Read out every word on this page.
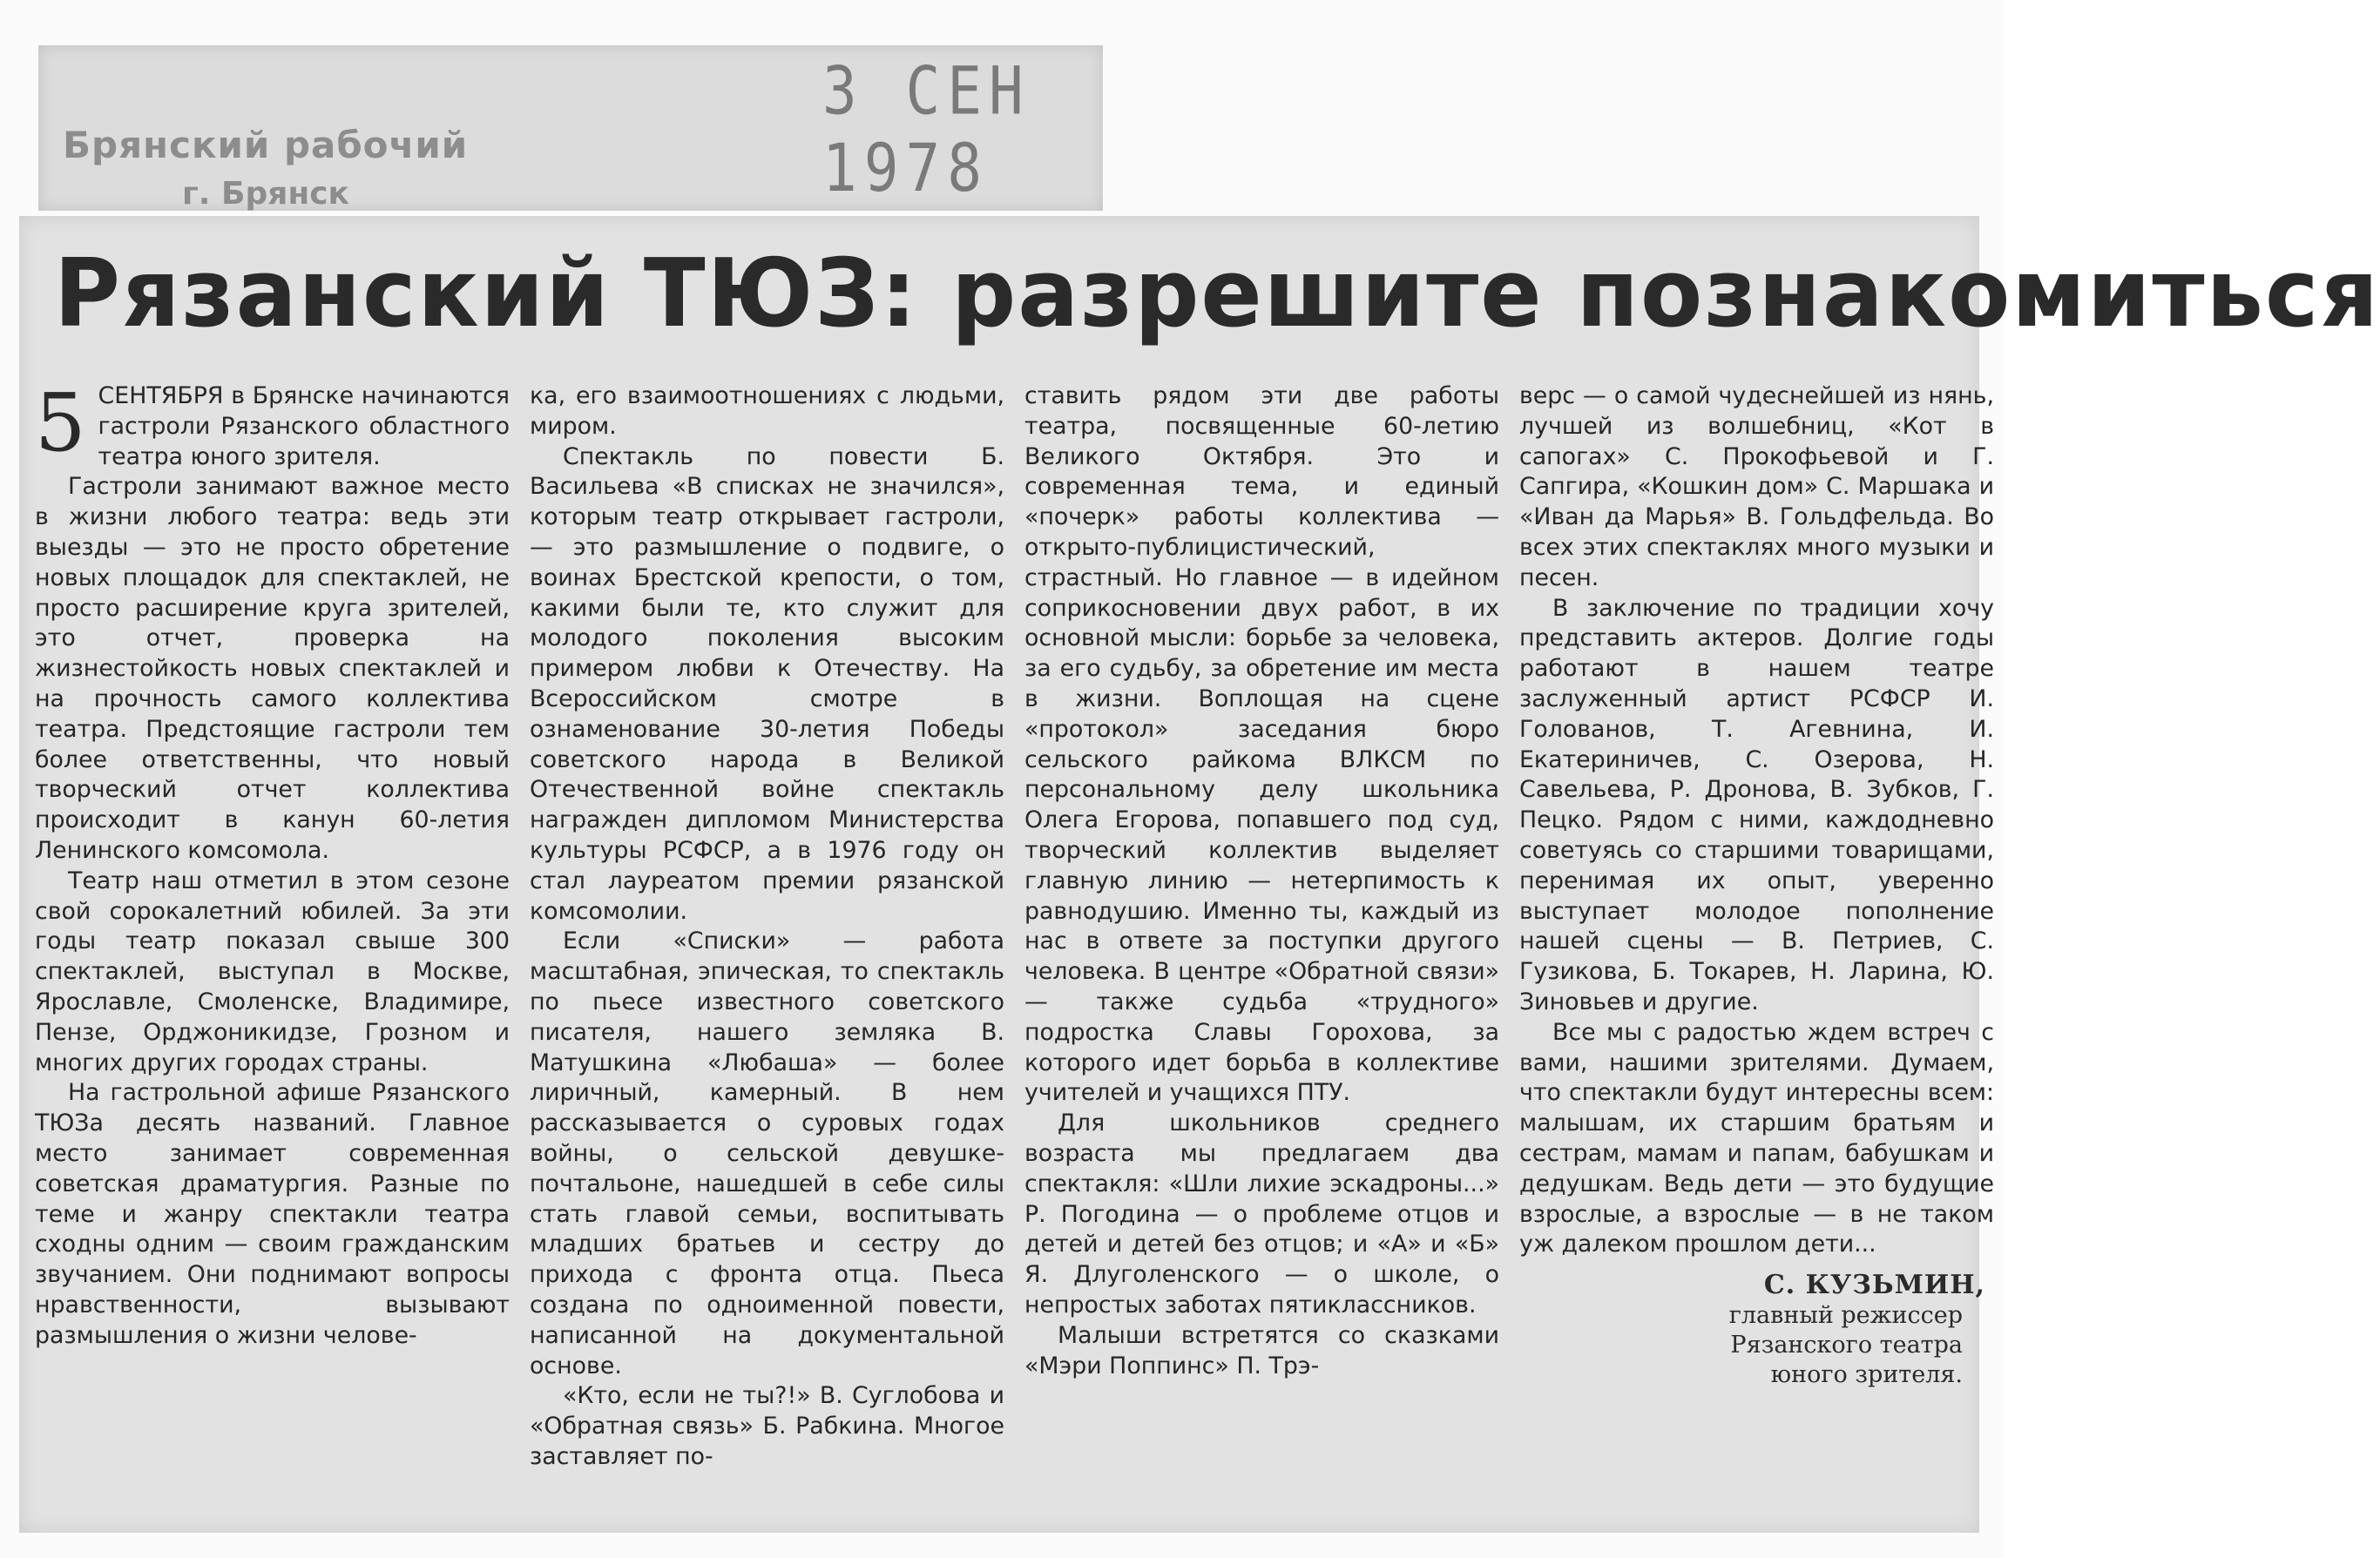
3 СЕН 1978
Брянский рабочий
г. Брянск
Рязанский ТЮЗ: разрешите познакомиться
5 СЕНТЯБРЯ в Брянске начинаются гастроли Рязанского областного театра юного зрителя.

Гастроли занимают важное место в жизни любого театра: ведь эти выезды — это не просто обретение новых площадок для спектаклей, не просто расширение круга зрителей, это отчет, проверка на жизнестойкость новых спектаклей и на прочность самого коллектива театра. Предстоящие гастроли тем более ответственны, что новый творческий отчет коллектива происходит в канун 60-летия Ленинского комсомола.

Театр наш отметил в этом сезоне свой сорокалетний юбилей. За эти годы театр показал свыше 300 спектаклей, выступал в Москве, Ярославле, Смоленске, Владимире, Пензе, Орджоникидзе, Грозном и многих других городах страны.

На гастрольной афише Рязанского ТЮЗа десять названий. Главное место занимает современная советская драматургия. Разные по теме и жанру спектакли театра сходны одним — своим гражданским звучанием. Они поднимают вопросы нравственности, вызывают размышления о жизни челове-

ка, его взаимоотношениях с людьми, миром.

Спектакль по повести Б. Васильева «В списках не значился», которым театр открывает гастроли, — это размышление о подвиге, о воинах Брестской крепости, о том, какими были те, кто служит для молодого поколения высоким примером любви к Отечеству. На Всероссийском смотре в ознаменование 30-летия Победы советского народа в Великой Отечественной войне спектакль награжден дипломом Министерства культуры РСФСР, а в 1976 году он стал лауреатом премии рязанской комсомолии.

Если «Списки» — работа масштабная, эпическая, то спектакль по пьесе известного советского писателя, нашего земляка В. Матушкина «Любаша» — более лиричный, камерный. В нем рассказывается о суровых годах войны, о сельской девушке-почтальоне, нашедшей в себе силы стать главой семьи, воспитывать младших братьев и сестру до прихода с фронта отца. Пьеса создана по одноименной повести, написанной на документальной основе.

«Кто, если не ты?!» В. Суглобова и «Обратная связь» Б. Рабкина. Многое заставляет по-

ставить рядом эти две работы театра, посвященные 60-летию Великого Октября. Это и современная тема, и единый «почерк» работы коллектива — открыто-публицистический, страстный. Но главное — в идейном соприкосновении двух работ, в их основной мысли: борьбе за человека, за его судьбу, за обретение им места в жизни. Воплощая на сцене «протокол» заседания бюро сельского райкома ВЛКСМ по персональному делу школьника Олега Егорова, попавшего под суд, творческий коллектив выделяет главную линию — нетерпимость к равнодушию. Именно ты, каждый из нас в ответе за поступки другого человека. В центре «Обратной связи» — также судьба «трудного» подростка Славы Горохова, за которого идет борьба в коллективе учителей и учащихся ПТУ.

Для школьников среднего возраста мы предлагаем два спектакля: «Шли лихие эскадроны...» Р. Погодина — о проблеме отцов и детей и детей без отцов; и «А» и «Б» Я. Длуголенского — о школе, о непростых заботах пятиклассников.

Малыши встретятся со сказками «Мэри Поппинс» П. Трэ-

верс — о самой чудеснейшей из нянь, лучшей из волшебниц, «Кот в сапогах» С. Прокофьевой и Г. Сапгира, «Кошкин дом» С. Маршака и «Иван да Марья» В. Гольдфельда. Во всех этих спектаклях много музыки и песен.

В заключение по традиции хочу представить актеров. Долгие годы работают в нашем театре заслуженный артист РСФСР И. Голованов, Т. Агевнина, И. Екатериничев, С. Озерова, Н. Савельева, Р. Дронова, В. Зубков, Г. Пецко. Рядом с ними, каждодневно советуясь со старшими товарищами, перенимая их опыт, уверенно выступает молодое пополнение нашей сцены — В. Петриев, С. Гузикова, Б. Токарев, Н. Ларина, Ю. Зиновьев и другие.

Все мы с радостью ждем встреч с вами, нашими зрителями. Думаем, что спектакли будут интересны всем: малышам, их старшим братьям и сестрам, мамам и папам, бабушкам и дедушкам. Ведь дети — это будущие взрослые, а взрослые — в не таком уж далеком прошлом дети...

С. КУЗЬМИН,
главный режиссер
Рязанского театра
юного зрителя.
